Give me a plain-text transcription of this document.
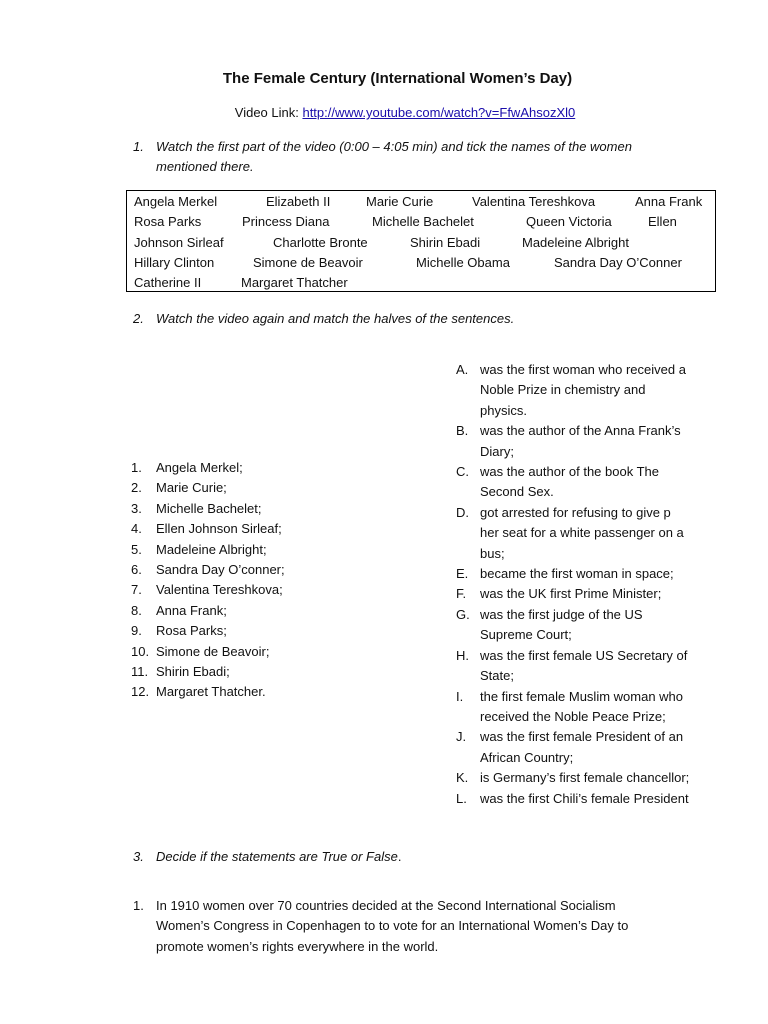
The Female Century (International Women’s Day)
Video Link: http://www.youtube.com/watch?v=FfwAhsozXl0
1. Watch the first part of the video (0:00 – 4:05 min) and tick the names of the women
mentioned there.
Angela Merkel	Elizabeth II	Marie Curie	Valentina Tereshkova	Anna Frank
Rosa Parks	Princess Diana	Michelle Bachelet	Queen Victoria	Ellen
Johnson Sirleaf	Charlotte Bronte	Shirin Ebadi	Madeleine Albright
Hillary Clinton	Simone de Beavoir	Michelle Obama	Sandra Day O’Conner
Catherine II	Margaret Thatcher
2. Watch the video again and match the halves of the sentences.
1. Angela Merkel;
2. Marie Curie;
3. Michelle Bachelet;
4. Ellen Johnson Sirleaf;
5. Madeleine Albright;
6. Sandra Day O’conner;
7. Valentina Tereshkova;
8. Anna Frank;
9. Rosa Parks;
10. Simone de Beavoir;
11. Shirin Ebadi;
12. Margaret Thatcher.
A. was the first woman who received a
Noble Prize in chemistry and
physics.
B. was the author of the Anna Frank’s
Diary;
C. was the author of the book The
Second Sex.
D. got arrested for refusing to give p
her seat for a white passenger on a
bus;
E. became the first woman in space;
F.	was the UK first Prime Minister;
G. was the first judge of the US
Supreme Court;
H. was the first female US Secretary of
State;
I.	the first female Muslim woman who
received the Noble Peace Prize;
J.	was the first female President of an
African Country;
K. is Germany’s first female chancellor;
L.	was the first Chili’s female President
3. Decide if the statements are True or False.
1. In 1910 women over 70 countries decided at the Second International Socialism
Women’s Congress in Copenhagen to to vote for an International Women’s Day to
promote women’s rights everywhere in the world.
